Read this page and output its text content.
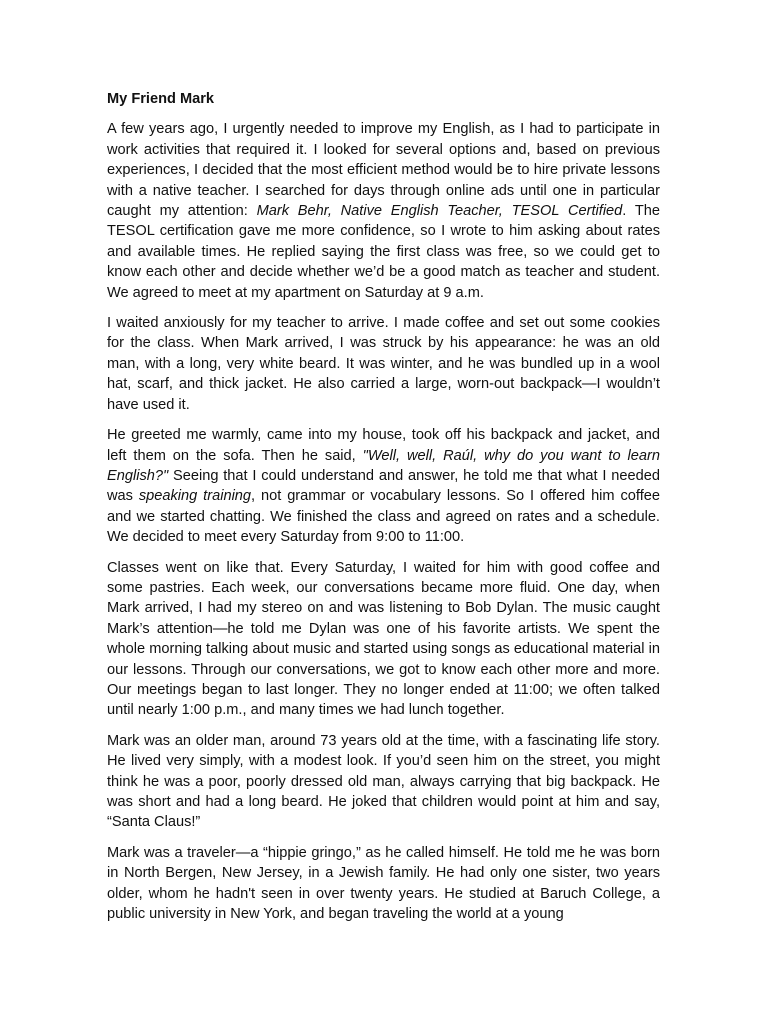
My Friend Mark

A few years ago, I urgently needed to improve my English, as I had to participate in work activities that required it. I looked for several options and, based on previous experiences, I decided that the most efficient method would be to hire private lessons with a native teacher. I searched for days through online ads until one in particular caught my attention: Mark Behr, Native English Teacher, TESOL Certified. The TESOL certification gave me more confidence, so I wrote to him asking about rates and available times. He replied saying the first class was free, so we could get to know each other and decide whether we’d be a good match as teacher and student. We agreed to meet at my apartment on Saturday at 9 a.m.

I waited anxiously for my teacher to arrive. I made coffee and set out some cookies for the class. When Mark arrived, I was struck by his appearance: he was an old man, with a long, very white beard. It was winter, and he was bundled up in a wool hat, scarf, and thick jacket. He also carried a large, worn-out backpack—I wouldn’t have used it.

He greeted me warmly, came into my house, took off his backpack and jacket, and left them on the sofa. Then he said, "Well, well, Raúl, why do you want to learn English?" Seeing that I could understand and answer, he told me that what I needed was speaking training, not grammar or vocabulary lessons. So I offered him coffee and we started chatting. We finished the class and agreed on rates and a schedule. We decided to meet every Saturday from 9:00 to 11:00.

Classes went on like that. Every Saturday, I waited for him with good coffee and some pastries. Each week, our conversations became more fluid. One day, when Mark arrived, I had my stereo on and was listening to Bob Dylan. The music caught Mark’s attention—he told me Dylan was one of his favorite artists. We spent the whole morning talking about music and started using songs as educational material in our lessons. Through our conversations, we got to know each other more and more. Our meetings began to last longer. They no longer ended at 11:00; we often talked until nearly 1:00 p.m., and many times we had lunch together.

Mark was an older man, around 73 years old at the time, with a fascinating life story. He lived very simply, with a modest look. If you’d seen him on the street, you might think he was a poor, poorly dressed old man, always carrying that big backpack. He was short and had a long beard. He joked that children would point at him and say, “Santa Claus!”

Mark was a traveler—a “hippie gringo,” as he called himself. He told me he was born in North Bergen, New Jersey, in a Jewish family. He had only one sister, two years older, whom he hadn't seen in over twenty years. He studied at Baruch College, a public university in New York, and began traveling the world at a young
